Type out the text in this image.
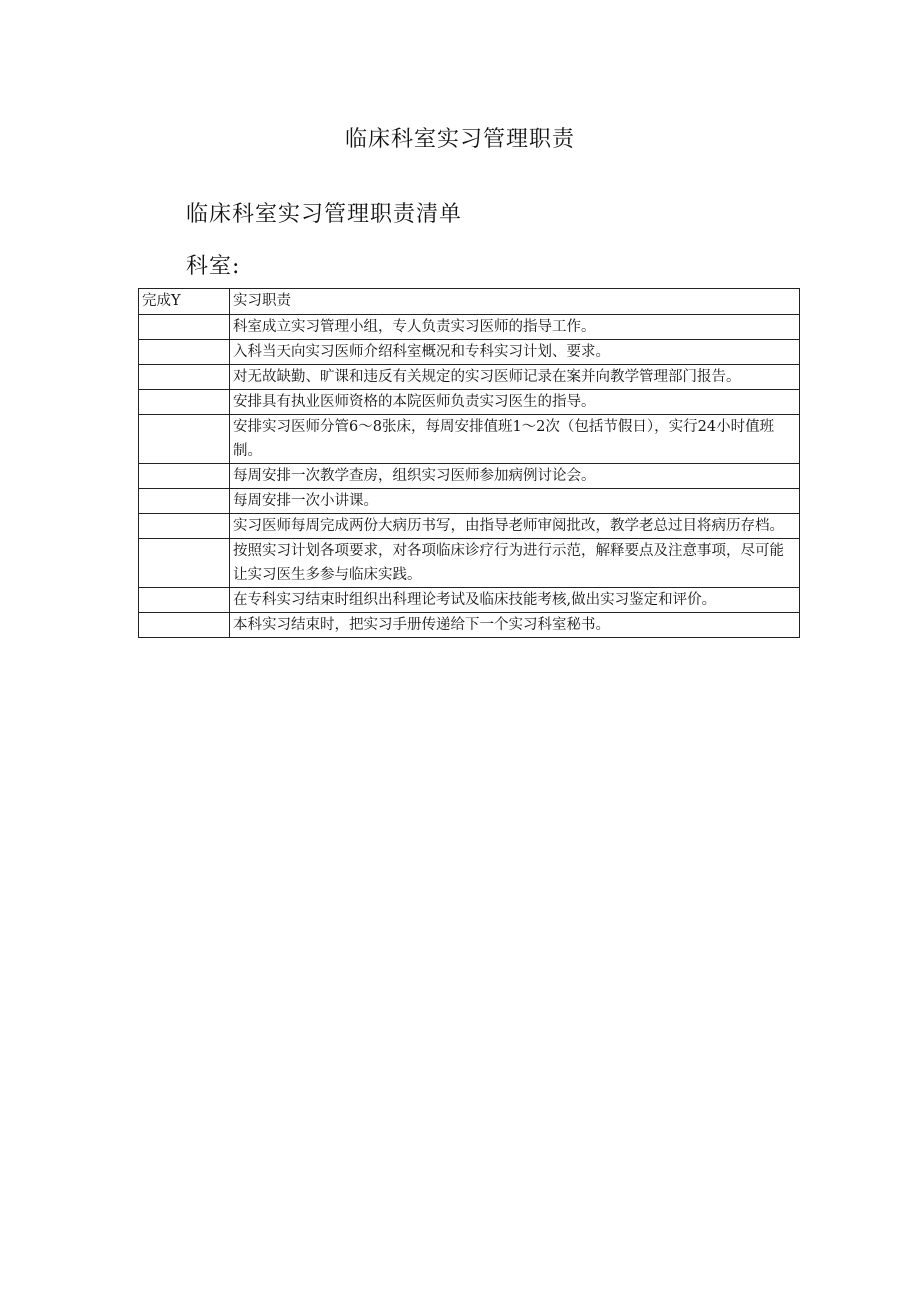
临床科室实习管理职责
临床科室实习管理职责清单
科室:
完成Y	实习职责
	科室成立实习管理小组，专人负责实习医师的指导工作。
	入科当天向实习医师介绍科室概况和专科实习计划、要求。
	对无故缺勤、旷课和违反有关规定的实习医师记录在案并向教学管理部门报告。
	安排具有执业医师资格的本院医师负责实习医生的指导。
	安排实习医师分管6～8张床，每周安排值班1～2次（包括节假日），实行24小时值班制。
	每周安排一次教学查房，组织实习医师参加病例讨论会。
	每周安排一次小讲课。
	实习医师每周完成两份大病历书写，由指导老师审阅批改，教学老总过目将病历存档。
	按照实习计划各项要求，对各项临床诊疗行为进行示范，解释要点及注意事项，尽可能让实习医生多参与临床实践。
	在专科实习结束时组织出科理论考试及临床技能考核,做出实习鉴定和评价。
	本科实习结束时，把实习手册传递给下一个实习科室秘书。
